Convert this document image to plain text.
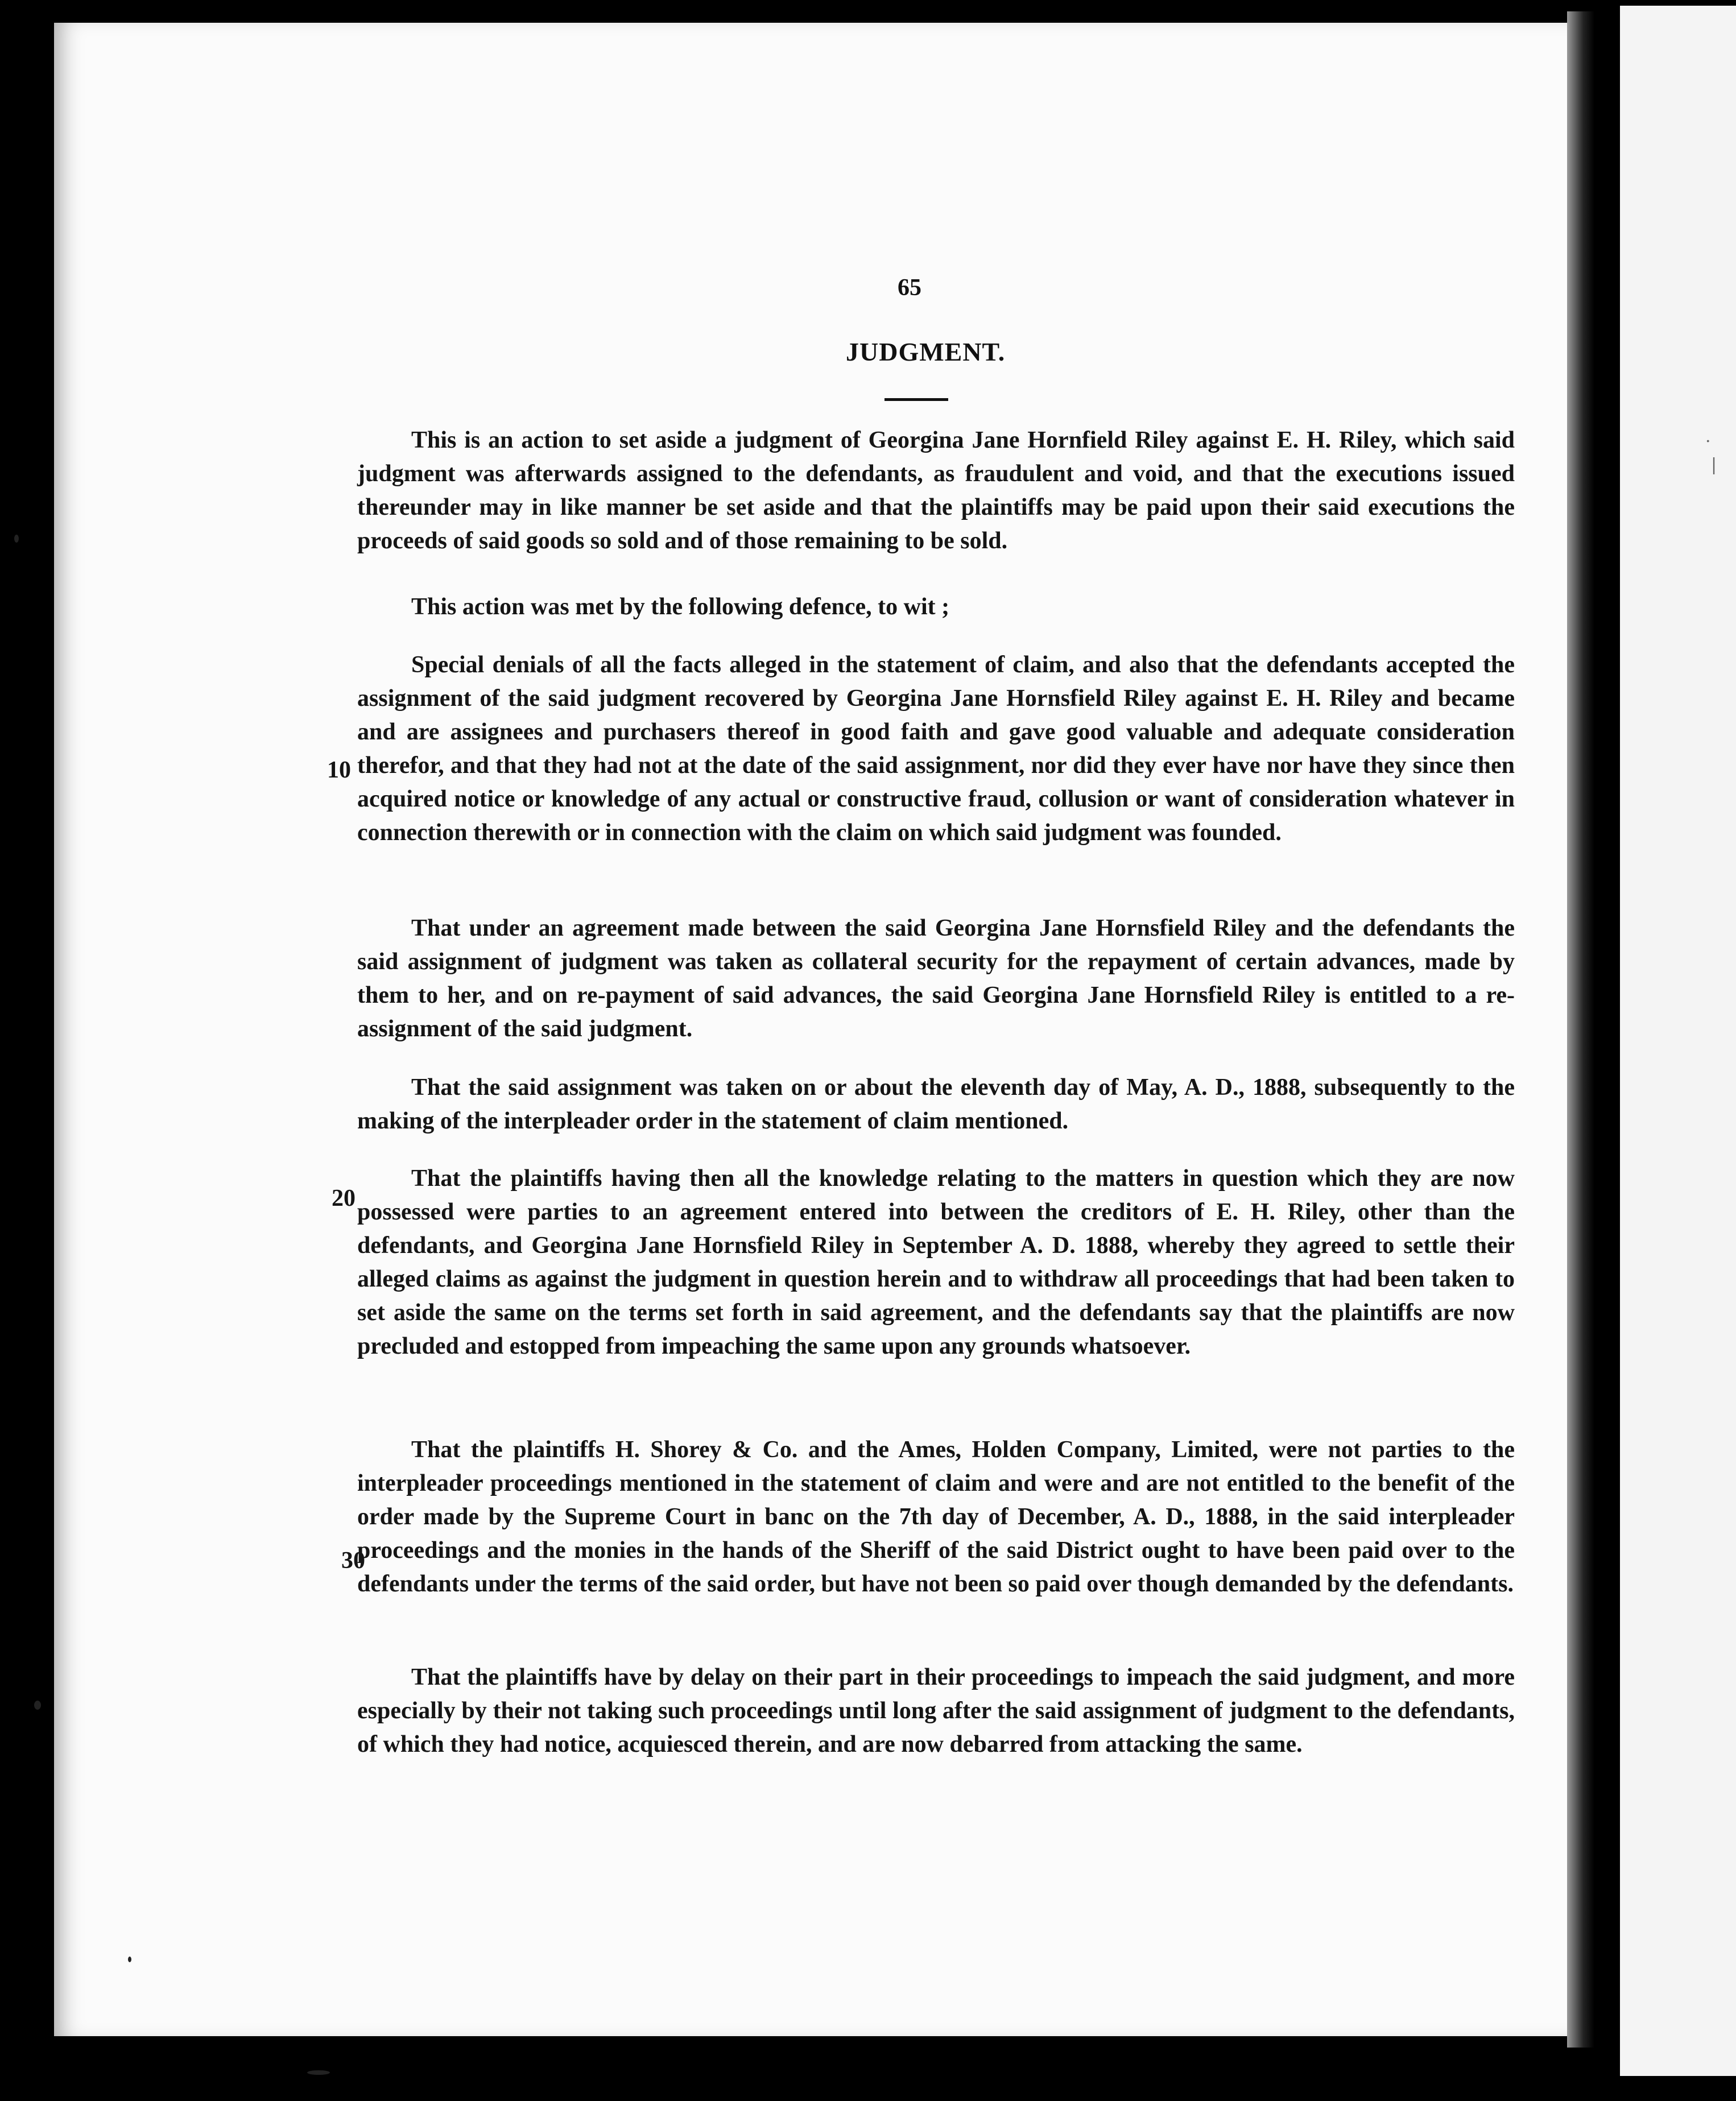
.
|
65
JUDGMENT.

This is an action to set aside a judgment of Georgina Jane Hornfield Riley against E. H. Riley, which said judgment was afterwards assigned to the defendants, as fraudulent and void, and that the executions issued thereunder may in like manner be set aside and that the plaintiffs may be paid upon their said executions the proceeds of said goods so sold and of those remaining to be sold.

This action was met by the following defence, to wit ;

Special denials of all the facts alleged in the statement of claim, and also that the defendants accepted the assignment of the said judgment recovered by Georgina Jane Hornsfield Riley against E. H. Riley and became and are assignees and purchasers thereof in good faith and gave good valuable and adequate consideration therefor, and that they had not at the date of the said assignment, nor did they ever have nor have they since then acquired notice or knowledge of any actual or constructive fraud, collusion or want of consideration whatever in connection therewith or in connection with the claim on which said judgment was founded.

That under an agreement made between the said Georgina Jane Hornsfield Riley and the defendants the said assignment of judgment was taken as collateral security for the repayment of certain advances, made by them to her, and on re-payment of said advances, the said Georgina Jane Hornsfield Riley is entitled to a re-assignment of the said judgment.

That the said assignment was taken on or about the eleventh day of May, A. D., 1888, subsequently to the making of the interpleader order in the statement of claim mentioned.

That the plaintiffs having then all the knowledge relating to the matters in question which they are now possessed were parties to an agreement entered into between the creditors of E. H. Riley, other than the defendants, and Georgina Jane Hornsfield Riley in September A. D. 1888, whereby they agreed to settle their alleged claims as against the judgment in question herein and to withdraw all proceedings that had been taken to set aside the same on the terms set forth in said agreement, and the defendants say that the plaintiffs are now precluded and estopped from impeaching the same upon any grounds whatsoever.

That the plaintiffs H. Shorey & Co. and the Ames, Holden Company, Limited, were not parties to the interpleader proceedings mentioned in the statement of claim and were and are not entitled to the benefit of the order made by the Supreme Court in banc on the 7th day of December, A. D., 1888, in the said interpleader proceedings and the monies in the hands of the Sheriff of the said District ought to have been paid over to the defendants under the terms of the said order, but have not been so paid over though demanded by the defendants.

That the plaintiffs have by delay on their part in their proceedings to impeach the said judgment, and more especially by their not taking such proceedings until long after the said assignment of judgment to the defendants, of which they had notice, acquiesced therein, and are now debarred from attacking the same.

10
20
30
